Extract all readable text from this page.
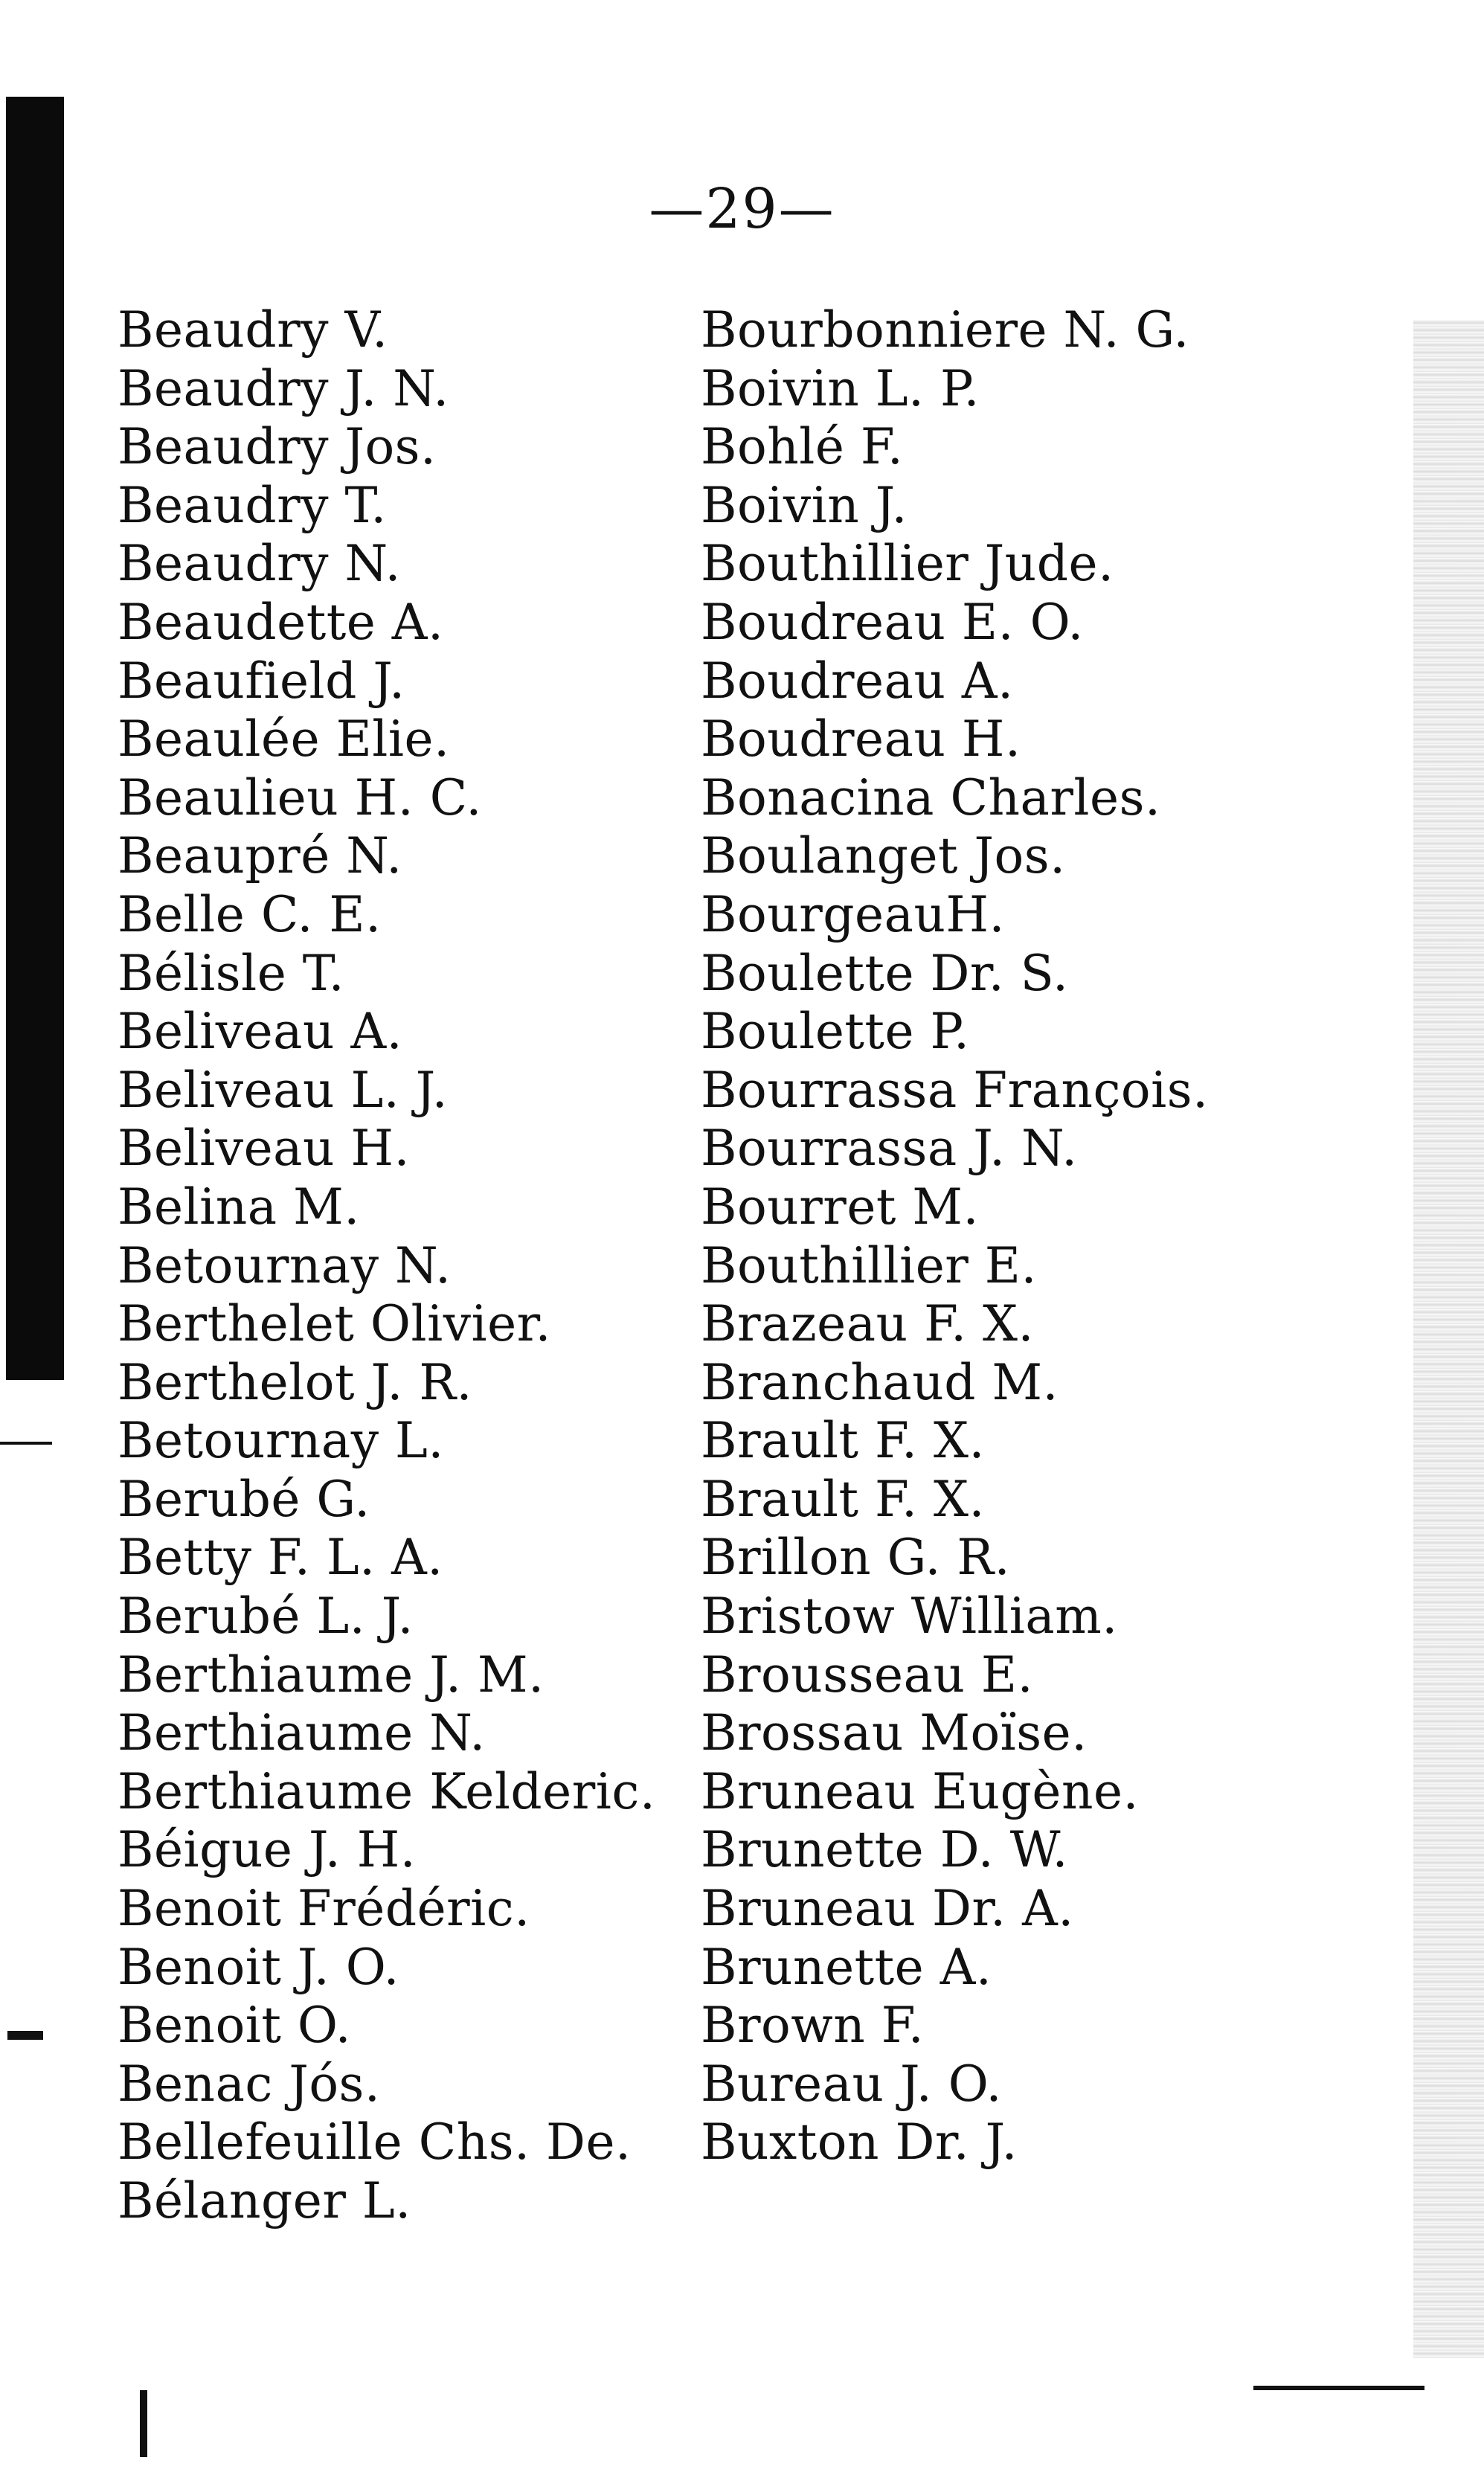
—29—
Beaudry V.
Beaudry J. N.
Beaudry Jos.
Beaudry T.
Beaudry N.
Beaudette A.
Beaufield J.
Beaulée Elie.
Beaulieu H. C.
Beaupré N.
Belle C. E.
Bélisle T.
Beliveau A.
Beliveau L. J.
Beliveau H.
Belina M.
Betournay N.
Berthelet Olivier.
Berthelot J. R.
Betournay L.
Berubé G.
Betty F. L. A.
Berubé L. J.
Berthiaume J. M.
Berthiaume N.
Berthiaume Kelderic.
Béigue J. H.
Benoit Frédéric.
Benoit J. O.
Benoit O.
Benac Jós.
Bellefeuille Chs. De.
Bélanger L.
Bourbonniere N. G.
Boivin L. P.
Bohlé F.
Boivin J.
Bouthillier Jude.
Boudreau E. O.
Boudreau A.
Boudreau H.
Bonacina Charles.
Boulanget Jos.
BourgeauH.
Boulette Dr. S.
Boulette P.
Bourrassa François.
Bourrassa J. N.
Bourret M.
Bouthillier E.
Brazeau F. X.
Branchaud M.
Brault F. X.
Brault F. X.
Brillon G. R.
Bristow William.
Brousseau E.
Brossau Moïse.
Bruneau Eugène.
Brunette D. W.
Bruneau Dr. A.
Brunette A.
Brown F.
Bureau J. O.
Buxton Dr. J.
